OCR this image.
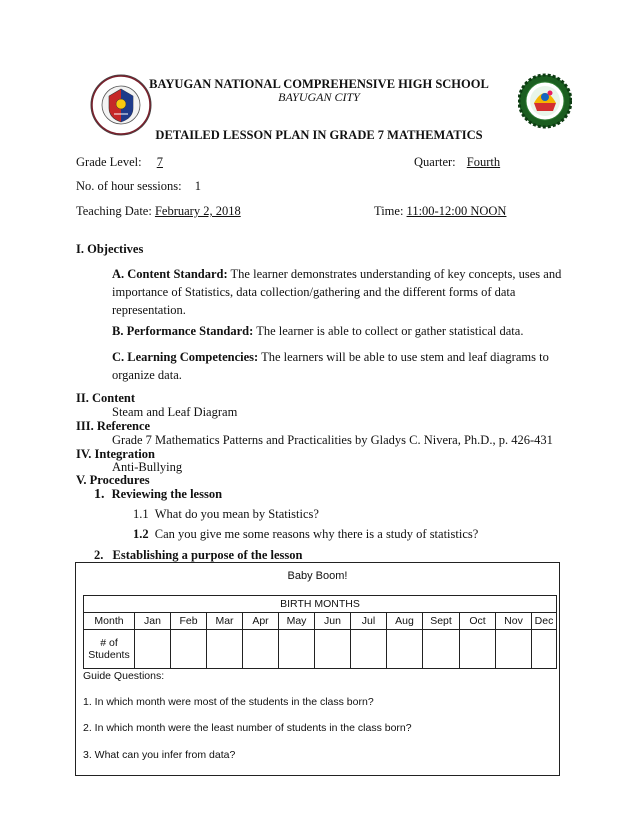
BAYUGAN NATIONAL COMPREHENSIVE HIGH SCHOOL
BAYUGAN CITY
DETAILED LESSON PLAN IN GRADE 7 MATHEMATICS
Grade Level: 7	Quarter: Fourth
No. of hour sessions: 1
Teaching Date: February 2, 2018	Time: 11:00-12:00 NOON
I. Objectives
A. Content Standard: The learner demonstrates understanding of key concepts, uses and
importance of Statistics, data collection/gathering and the different forms of data
representation.
B. Performance Standard: The learner is able to collect or gather statistical data.
C. Learning Competencies: The learners will be able to use stem and leaf diagrams to
organize data.
II. Content
Steam and Leaf Diagram
III. Reference
Grade 7 Mathematics Patterns and Practicalities by Gladys C. Nivera, Ph.D., p. 426-431
IV. Integration
Anti-Bullying
V. Procedures
1. Reviewing the lesson
1.1 What do you mean by Statistics?
1.2 Can you give me some reasons why there is a study of statistics?
2. Establishing a purpose of the lesson
Baby Boom!
BIRTH MONTHS												
Month	Jan	Feb	Mar	Apr	May	Jun	Jul	Aug	Sept	Oct	Nov	Dec

# of
Students												

Guide Questions:
1. In which month were most of the students in the class born?
2. In which month were the least number of students in the class born?
3. What can you infer from data?
